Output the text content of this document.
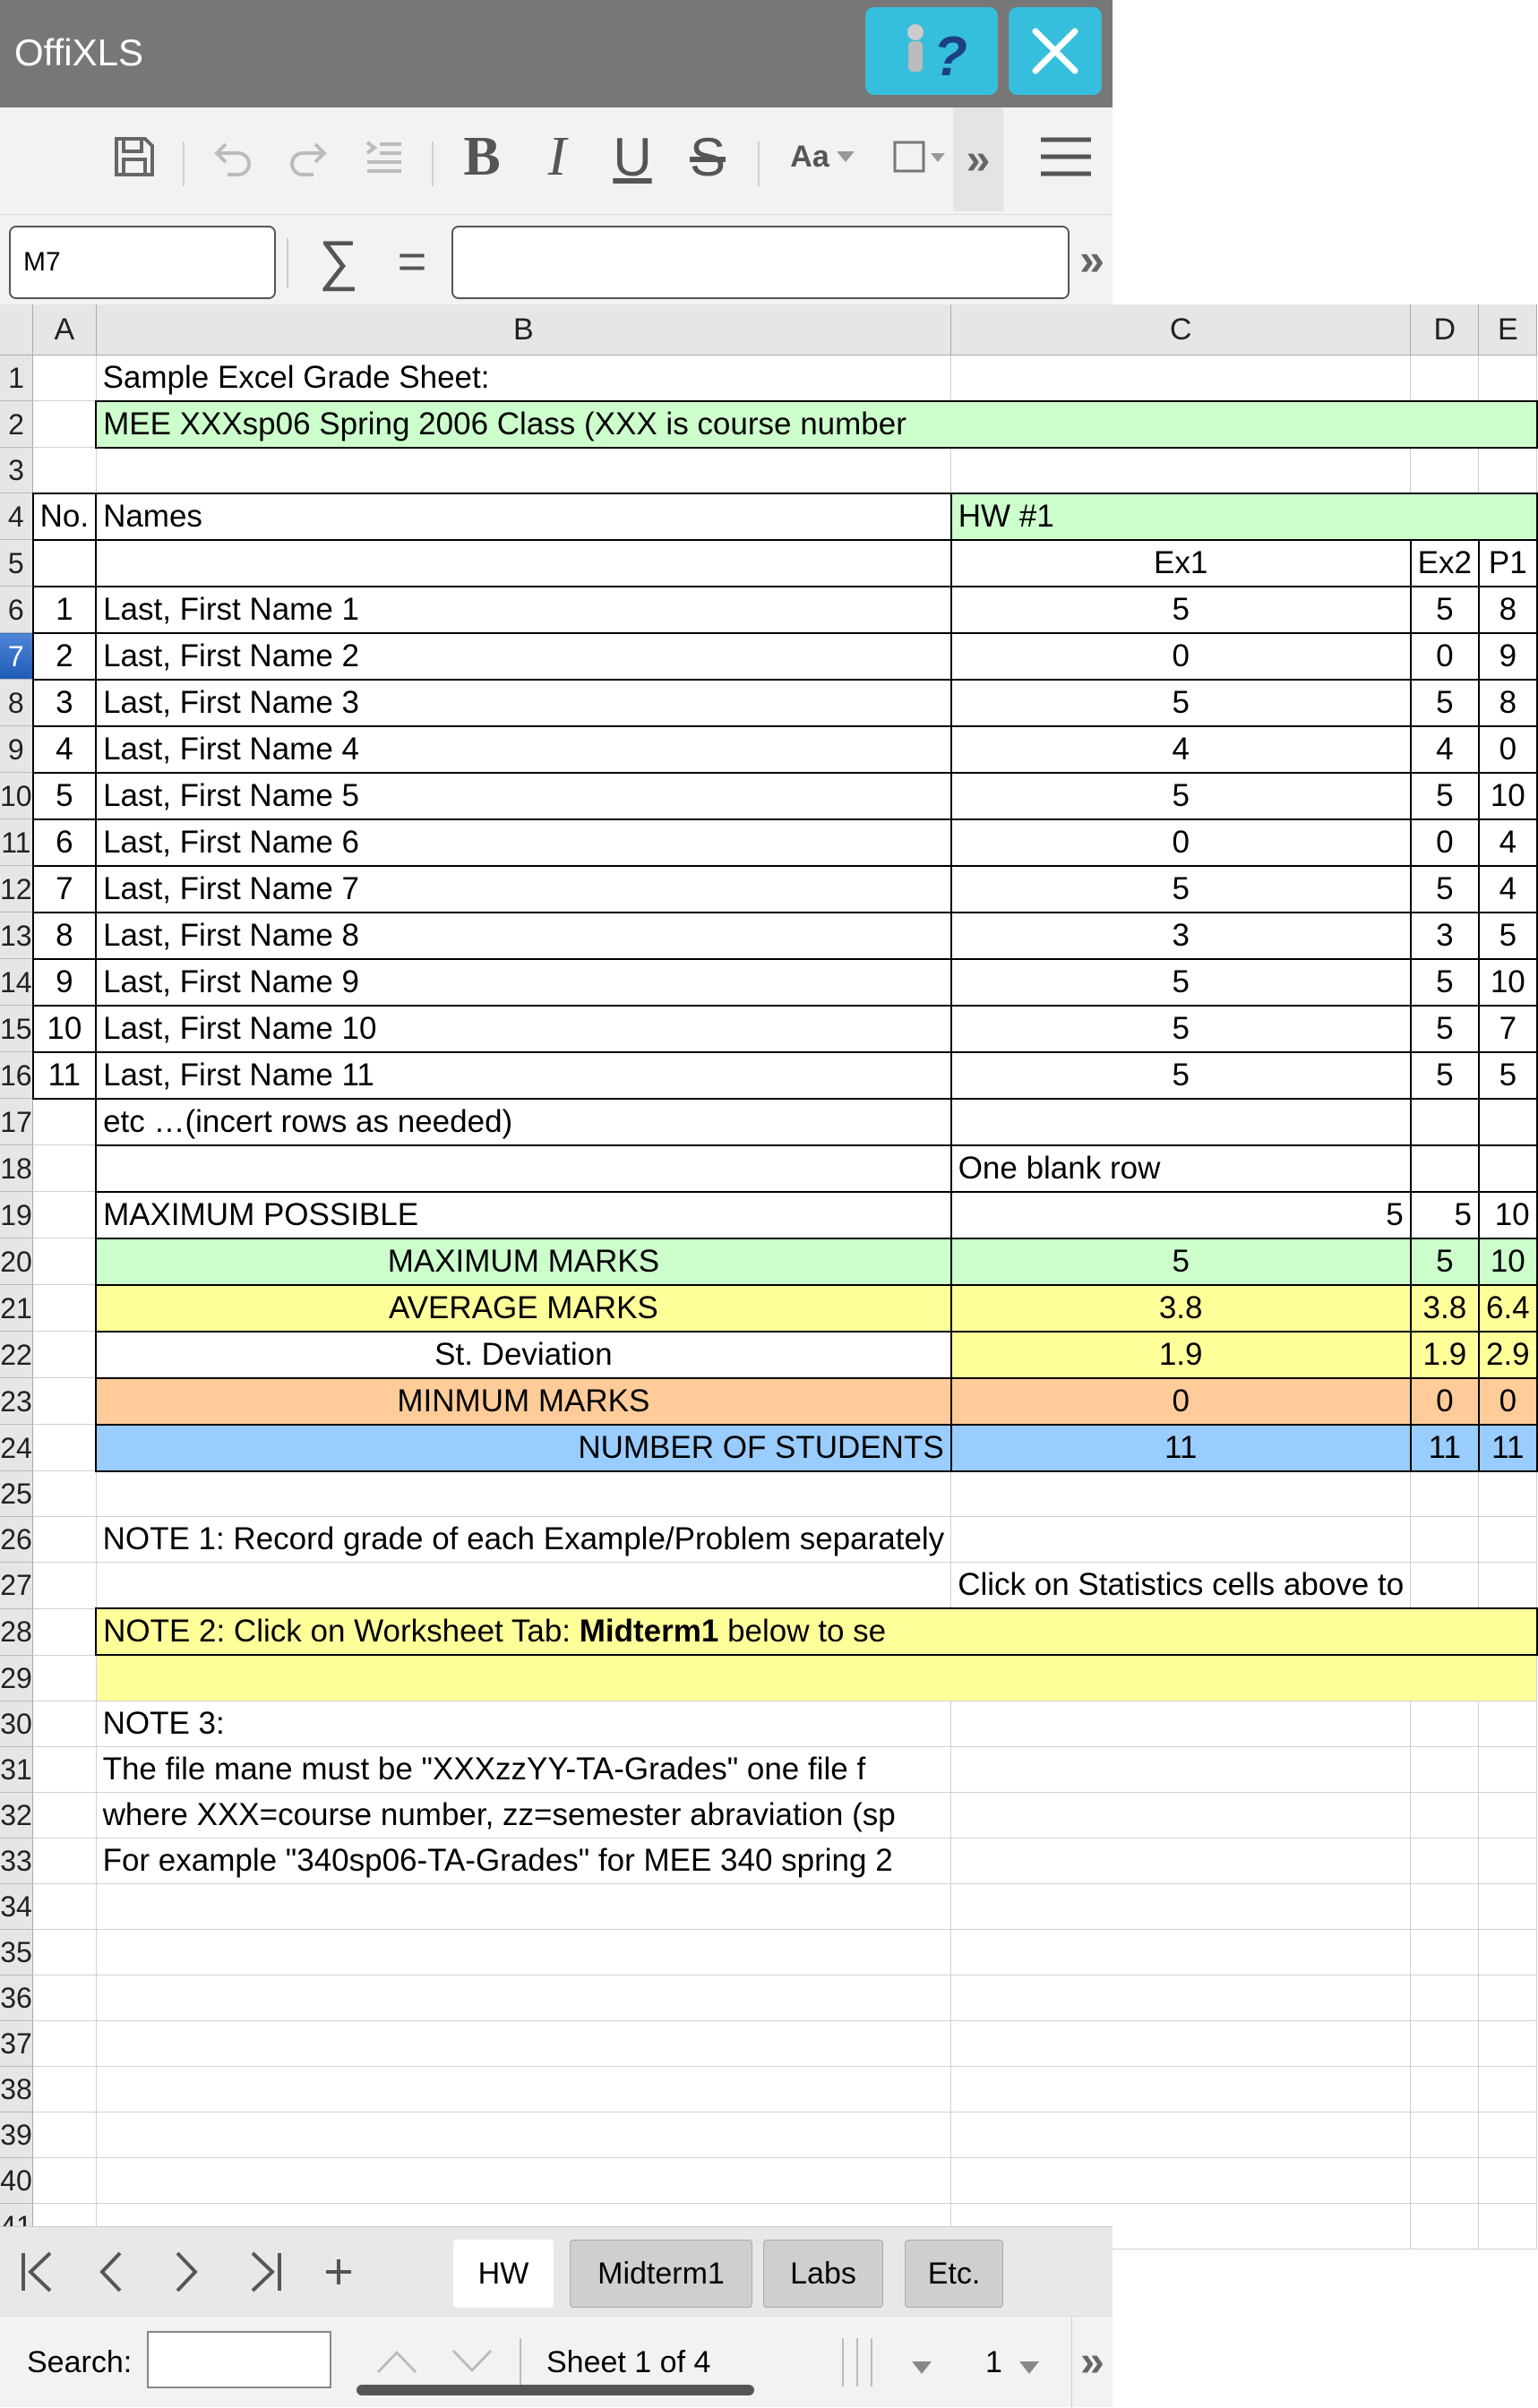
OffiXLS	?
B I U S	Aa	»
M7	∑ =	»
	A	B	C	D	E
1		Sample Excel Grade Sheet:			
2		MEE XXXsp06 Spring 2006 Class (XXX is course number			
3					
4	No.	Names	HW #1		
5			Ex1	Ex2	P1
6	1	Last, First Name 1	5	5	8
7	2	Last, First Name 2	0	0	9
8	3	Last, First Name 3	5	5	8
9	4	Last, First Name 4	4	4	0
10	5	Last, First Name 5	5	5	10
11	6	Last, First Name 6	0	0	4
12	7	Last, First Name 7	5	5	4
13	8	Last, First Name 8	3	3	5
14	9	Last, First Name 9	5	5	10
15	10	Last, First Name 10	5	5	7
16	11	Last, First Name 11	5	5	5
17		etc …(incert rows as needed)			
18			One blank row		
19		MAXIMUM POSSIBLE	5	5	10
20		MAXIMUM MARKS	5	5	10
21		AVERAGE MARKS	3.8	3.8	6.4
22		St. Deviation	1.9	1.9	2.9
23		MINMUM MARKS	0	0	0
24		NUMBER OF STUDENTS	11	11	11
25					
26		NOTE 1: Record grade of each Example/Problem separately			
27			Click on Statistics cells above to		
28		NOTE 2: Click on Worksheet Tab: Midterm1 below to se			
29					
30		NOTE 3:			
31		The file mane must be "XXXzzYY-TA-Grades" one file f			
32		where XXX=course number, zz=semester abraviation (sp			
33		For example "340sp06-TA-Grades" for MEE 340 spring 2			
34					
35					
36					
37					
38					
39					
40					

HW	Midterm1	Labs	Etc.
Search:	Sheet 1 of 4	1 »
